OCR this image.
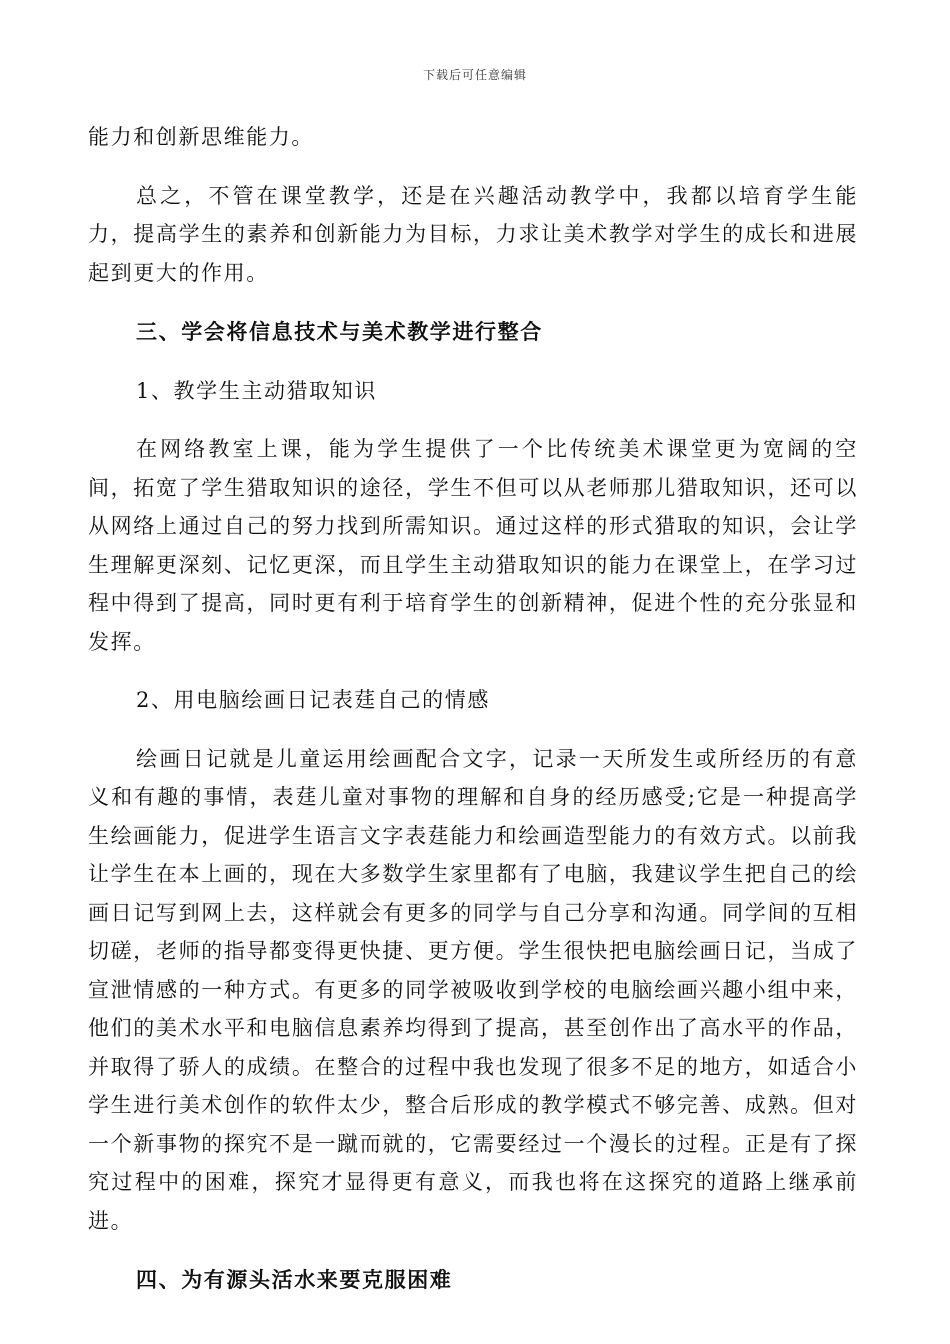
下载后可任意编辑

能力和创新思维能力。

总之，不管在课堂教学，还是在兴趣活动教学中，我都以培育学生能力，提高学生的素养和创新能力为目标，力求让美术教学对学生的成长和进展起到更大的作用。

三、学会将信息技术与美术教学进行整合

1、教学生主动猎取知识

在网络教室上课，能为学生提供了一个比传统美术课堂更为宽阔的空间，拓宽了学生猎取知识的途径，学生不但可以从老师那儿猎取知识，还可以从网络上通过自己的努力找到所需知识。通过这样的形式猎取的知识，会让学生理解更深刻、记忆更深，而且学生主动猎取知识的能力在课堂上，在学习过程中得到了提高，同时更有利于培育学生的创新精神，促进个性的充分张显和发挥。

2、用电脑绘画日记表莛自己的情感

绘画日记就是儿童运用绘画配合文字，记录一天所发生或所经历的有意义和有趣的事情，表莛儿童对事物的理解和自身的经历感受;它是一种提高学生绘画能力，促进学生语言文字表莛能力和绘画造型能力的有效方式。以前我让学生在本上画的，现在大多数学生家里都有了电脑，我建议学生把自己的绘画日记写到网上去，这样就会有更多的同学与自己分享和沟通。同学间的互相切磋，老师的指导都变得更快捷、更方便。学生很快把电脑绘画日记，当成了宣泄情感的一种方式。有更多的同学被吸收到学校的电脑绘画兴趣小组中来，他们的美术水平和电脑信息素养均得到了提高，甚至创作出了高水平的作品，并取得了骄人的成绩。在整合的过程中我也发现了很多不足的地方，如适合小学生进行美术创作的软件太少，整合后形成的教学模式不够完善、成熟。但对一个新事物的探究不是一蹴而就的，它需要经过一个漫长的过程。正是有了探究过程中的困难，探究才显得更有意义，而我也将在这探究的道路上继承前进。

四、为有源头活水来要克服困难
